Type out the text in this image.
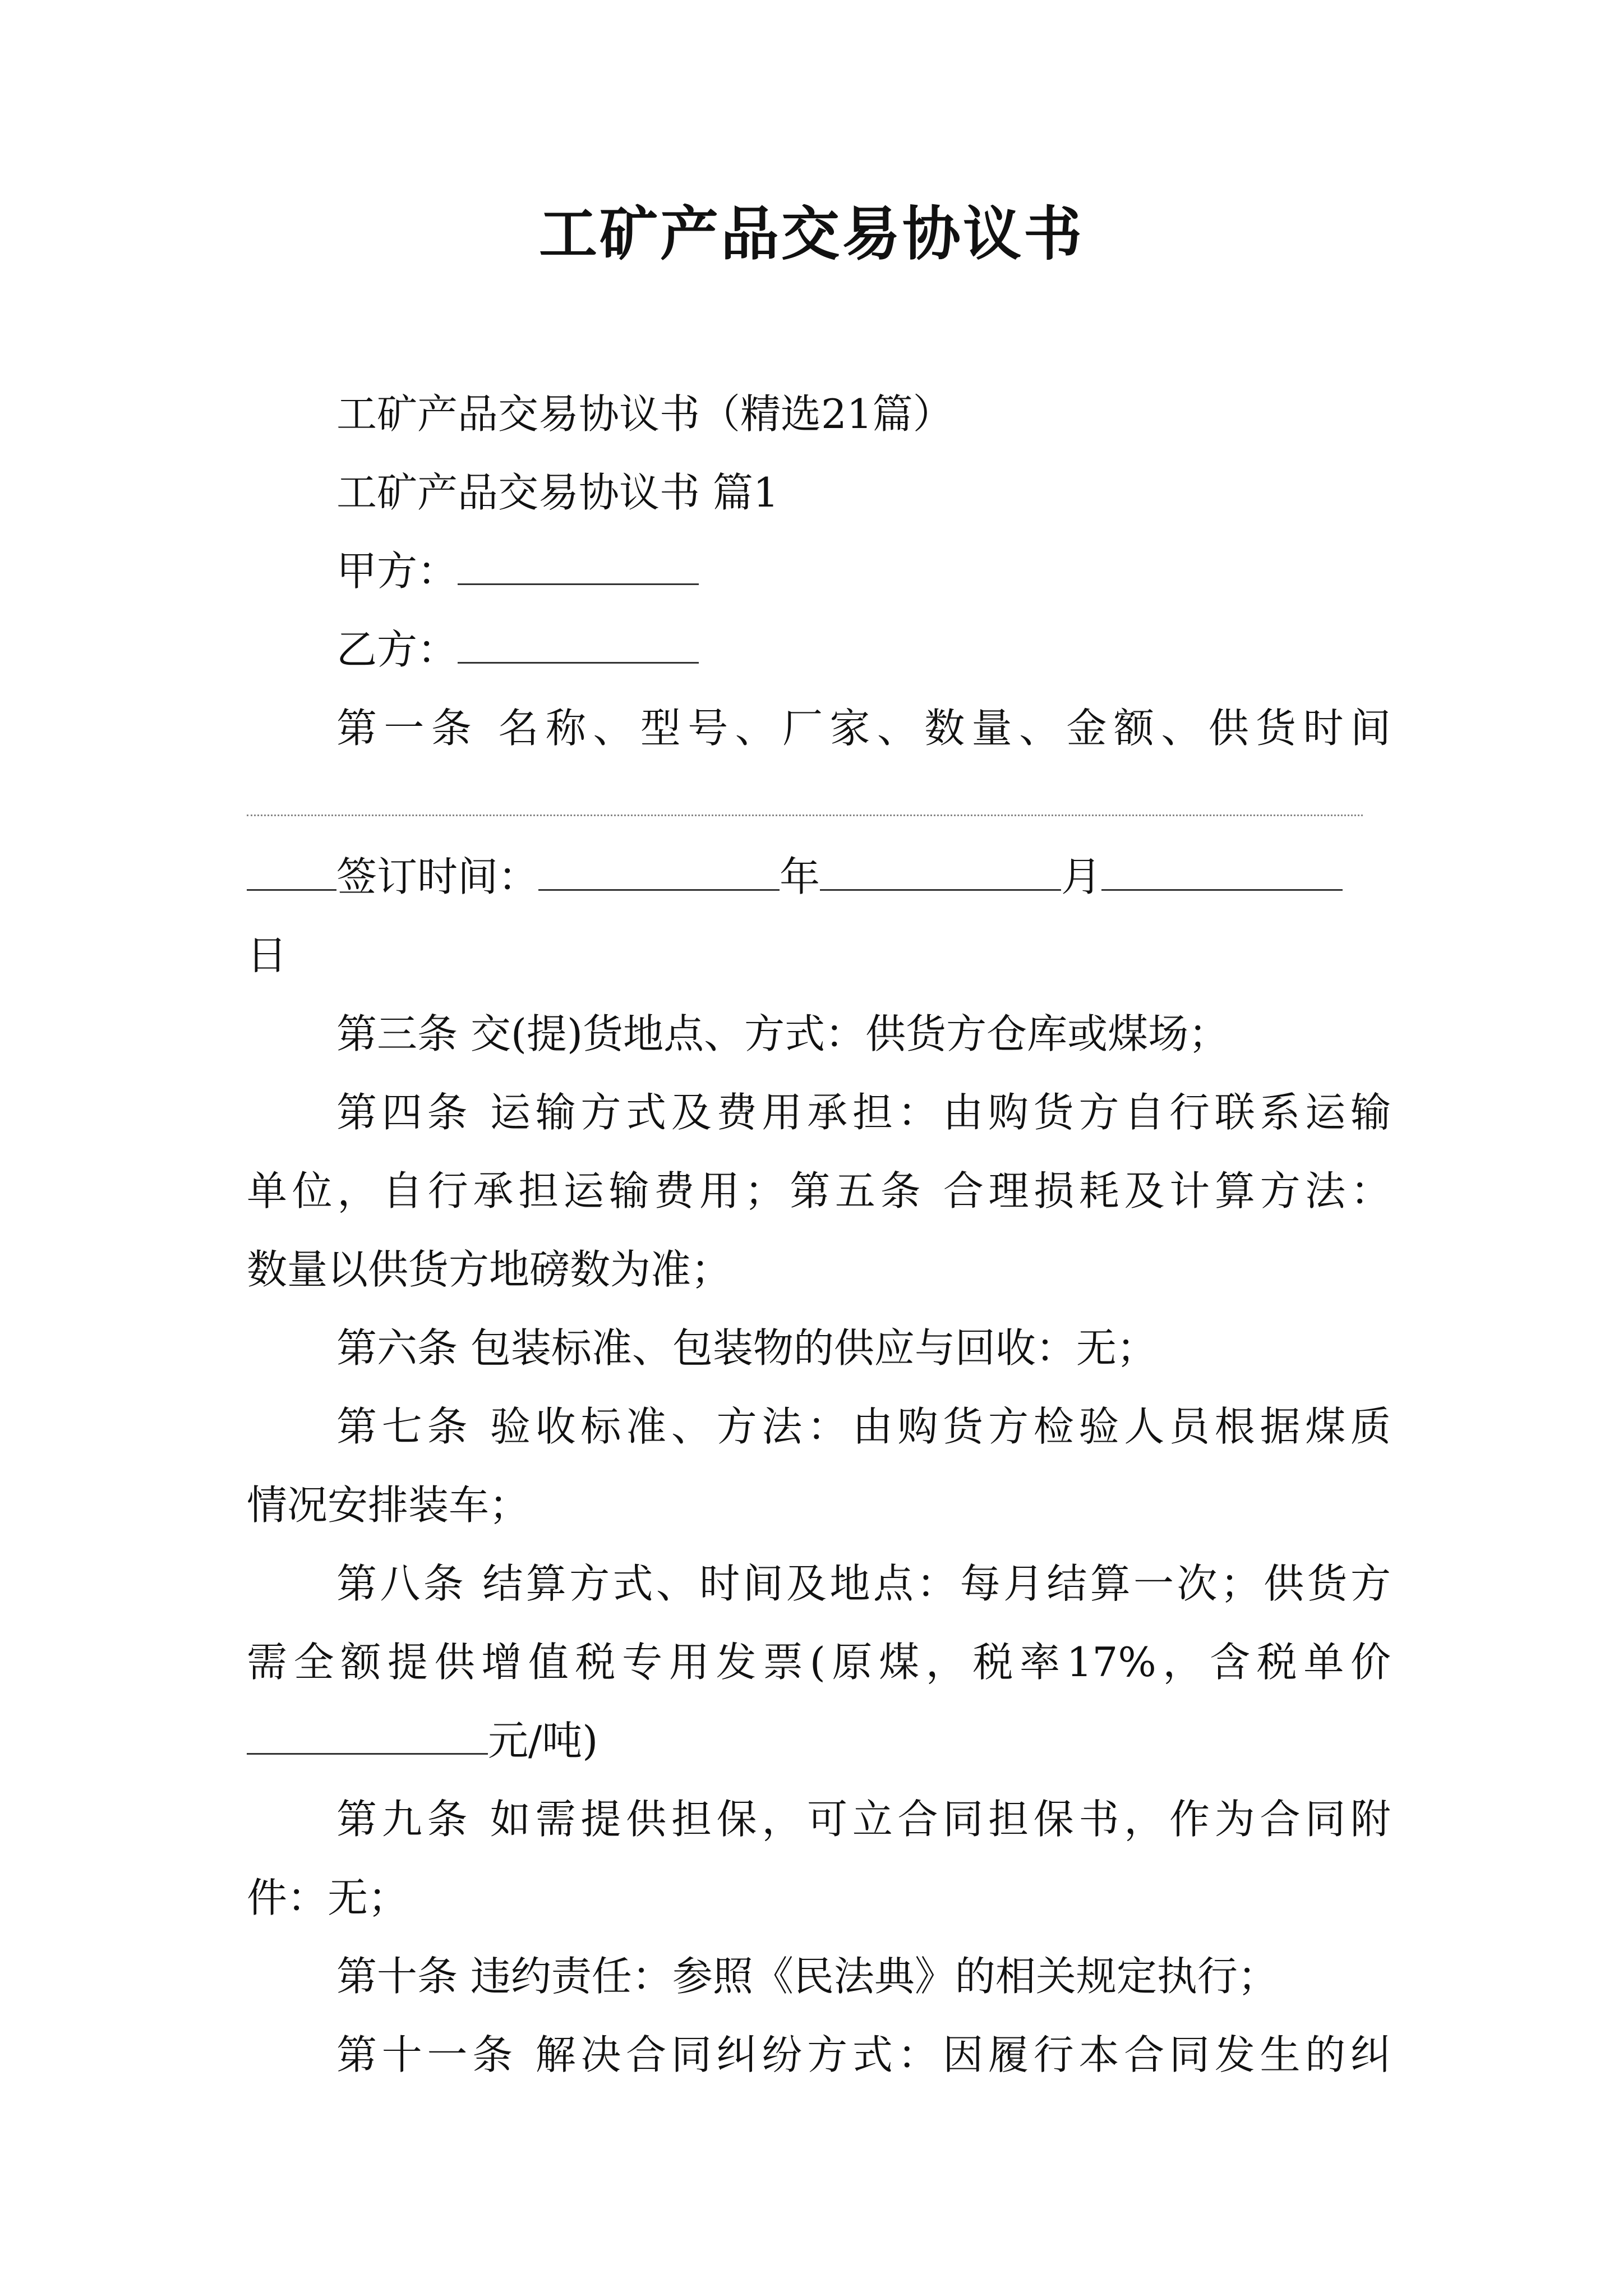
工矿产品交易协议书
工矿产品交易协议书（精选21篇）
工矿产品交易协议书 篇1
甲方：
乙方：
第一条 名称、型号、厂家、数量、金额、供货时间
签订时间：	年	月
日
第三条 交(提)货地点、方式：供货方仓库或煤场；
第四条 运输方式及费用承担：由购货方自行联系运输
单位，自行承担运输费用；第五条 合理损耗及计算方法：
数量以供货方地磅数为准；
第六条 包装标准、包装物的供应与回收：无；
第七条 验收标准、方法：由购货方检验人员根据煤质
情况安排装车；
第八条 结算方式、时间及地点：每月结算一次；供货方
需全额提供增值税专用发票(原煤，税率17%，含税单价
元/吨)
第九条 如需提供担保，可立合同担保书，作为合同附
件：无；
第十条 违约责任：参照《民法典》的相关规定执行；
第十一条 解决合同纠纷方式：因履行本合同发生的纠
